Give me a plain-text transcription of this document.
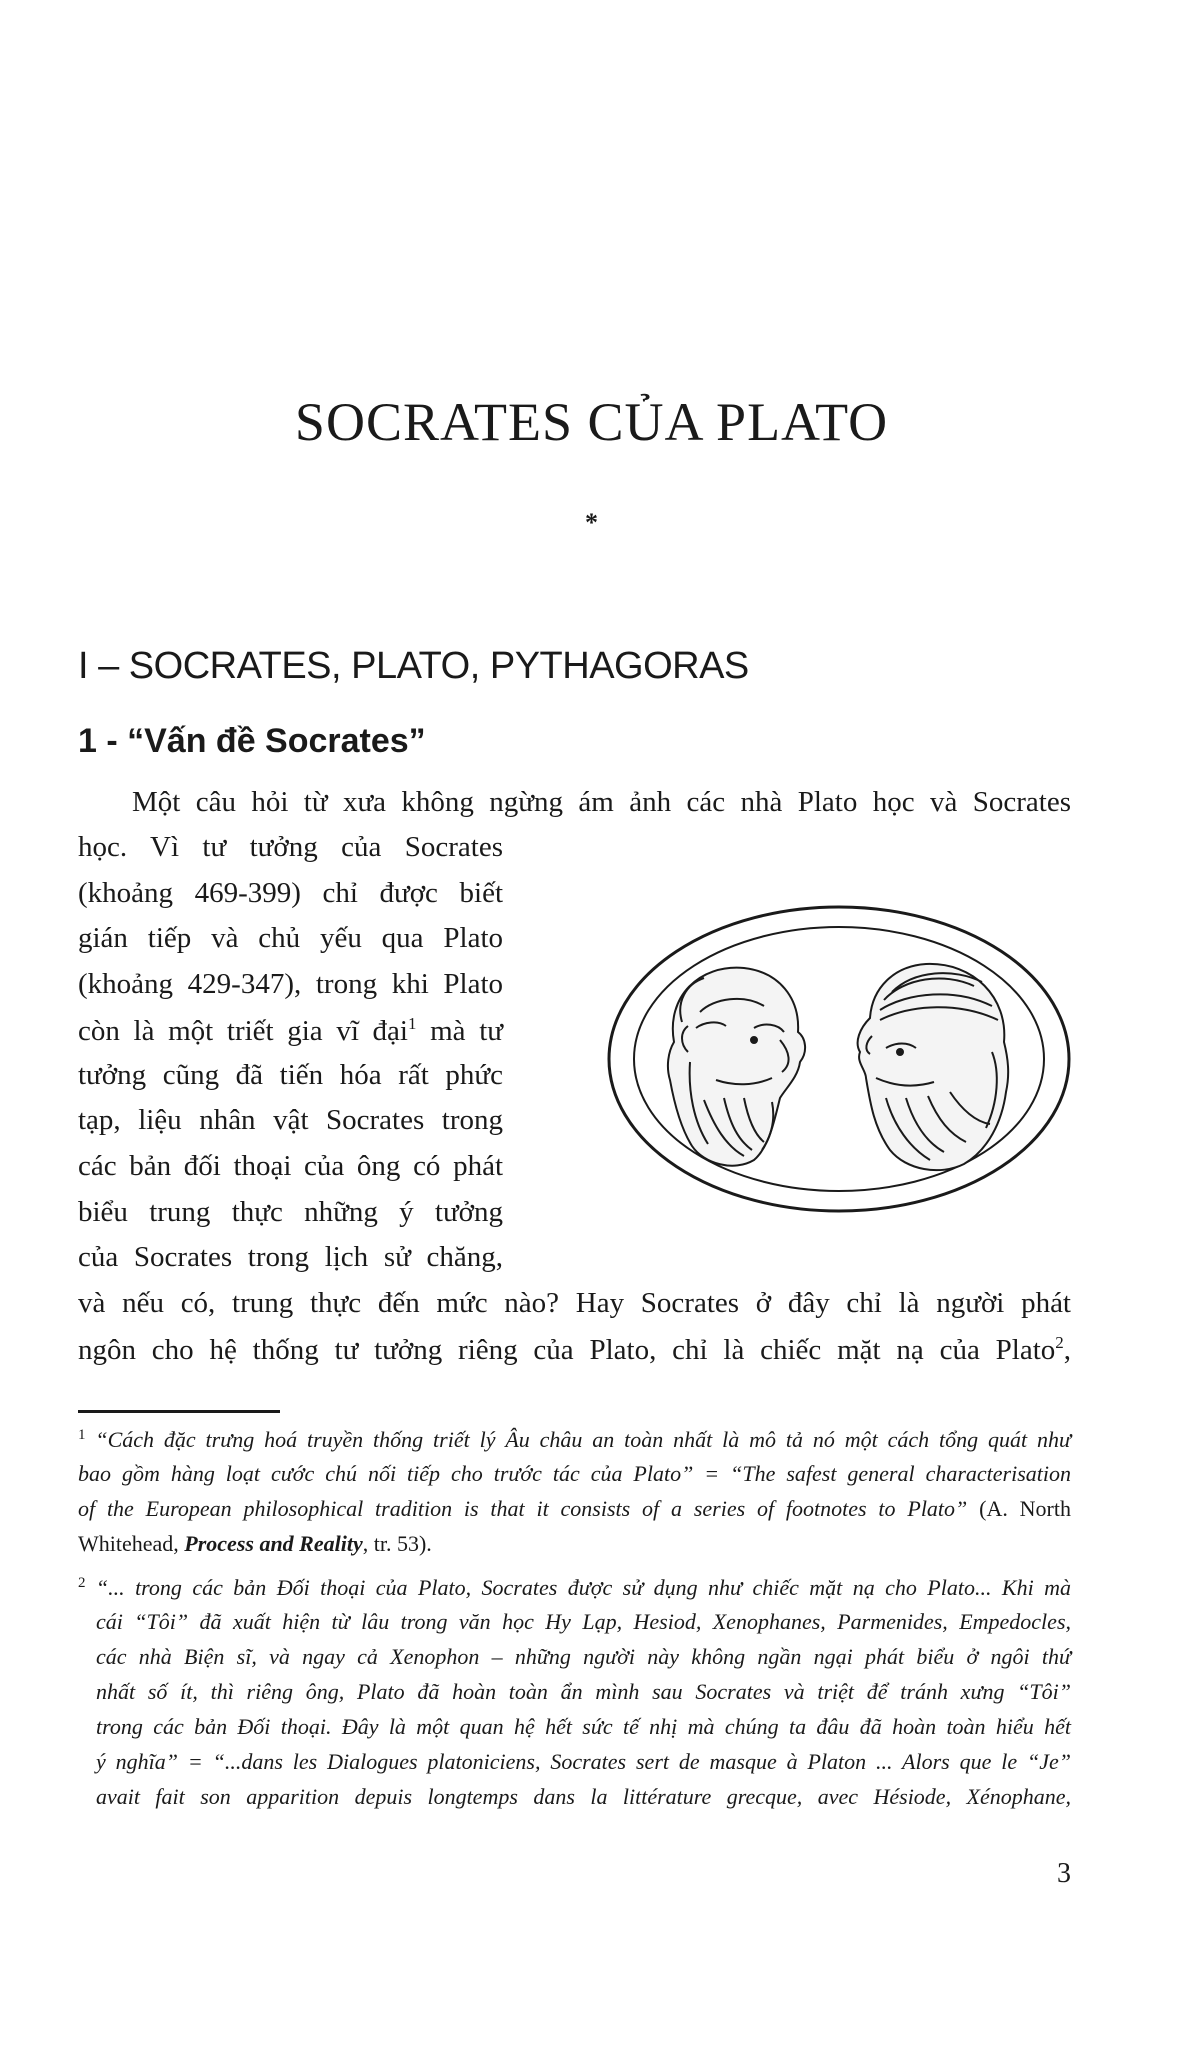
SOCRATES CỦA PLATO
*
I – SOCRATES, PLATO, PYTHAGORAS
1 - “Vấn đề Socrates”
Một câu hỏi từ xưa không ngừng ám ảnh các nhà Plato học và Socrates
học. Vì tư tưởng của Socrates
(khoảng 469-399) chỉ được biết
gián tiếp và chủ yếu qua Plato
(khoảng 429-347), trong khi Plato
còn là một triết gia vĩ đại$^1$ mà tư
tưởng cũng đã tiến hóa rất phức
tạp, liệu nhân vật Socrates trong
các bản đối thoại của ông có phát
biểu trung thực những ý tưởng
của Socrates trong lịch sử chăng,
và nếu có, trung thực đến mức nào? Hay Socrates ở đây chỉ là người phát
ngôn cho hệ thống tư tưởng riêng của Plato, chỉ là chiếc mặt nạ của Plato$^2$,
$^1$ “Cách đặc trưng hoá truyền thống triết lý Âu châu an toàn nhất là mô tả nó một cách tổng quát như
bao gồm hàng loạt cước chú nối tiếp cho trước tác của Plato” = “The safest general characterisation
of the European philosophical tradition is that it consists of a series of footnotes to Plato” (A. North
Whitehead, Process and Reality, tr. 53).
$^2$ “... trong các bản Đối thoại của Plato, Socrates được sử dụng như chiếc mặt nạ cho Plato... Khi mà
cái “Tôi” đã xuất hiện từ lâu trong văn học Hy Lạp, Hesiod, Xenophanes, Parmenides, Empedocles,
các nhà Biện sĩ, và ngay cả Xenophon – những người này không ngần ngại phát biểu ở ngôi thứ
nhất số ít, thì riêng ông, Plato đã hoàn toàn ẩn mình sau Socrates và triệt để tránh xưng “Tôi”
trong các bản Đối thoại. Đây là một quan hệ hết sức tế nhị mà chúng ta đâu đã hoàn toàn hiểu hết
ý nghĩa” = “...dans les Dialogues platoniciens, Socrates sert de masque à Platon ... Alors que le “Je”
avait fait son apparition depuis longtemps dans la littérature grecque, avec Hésiode, Xénophane,
3
